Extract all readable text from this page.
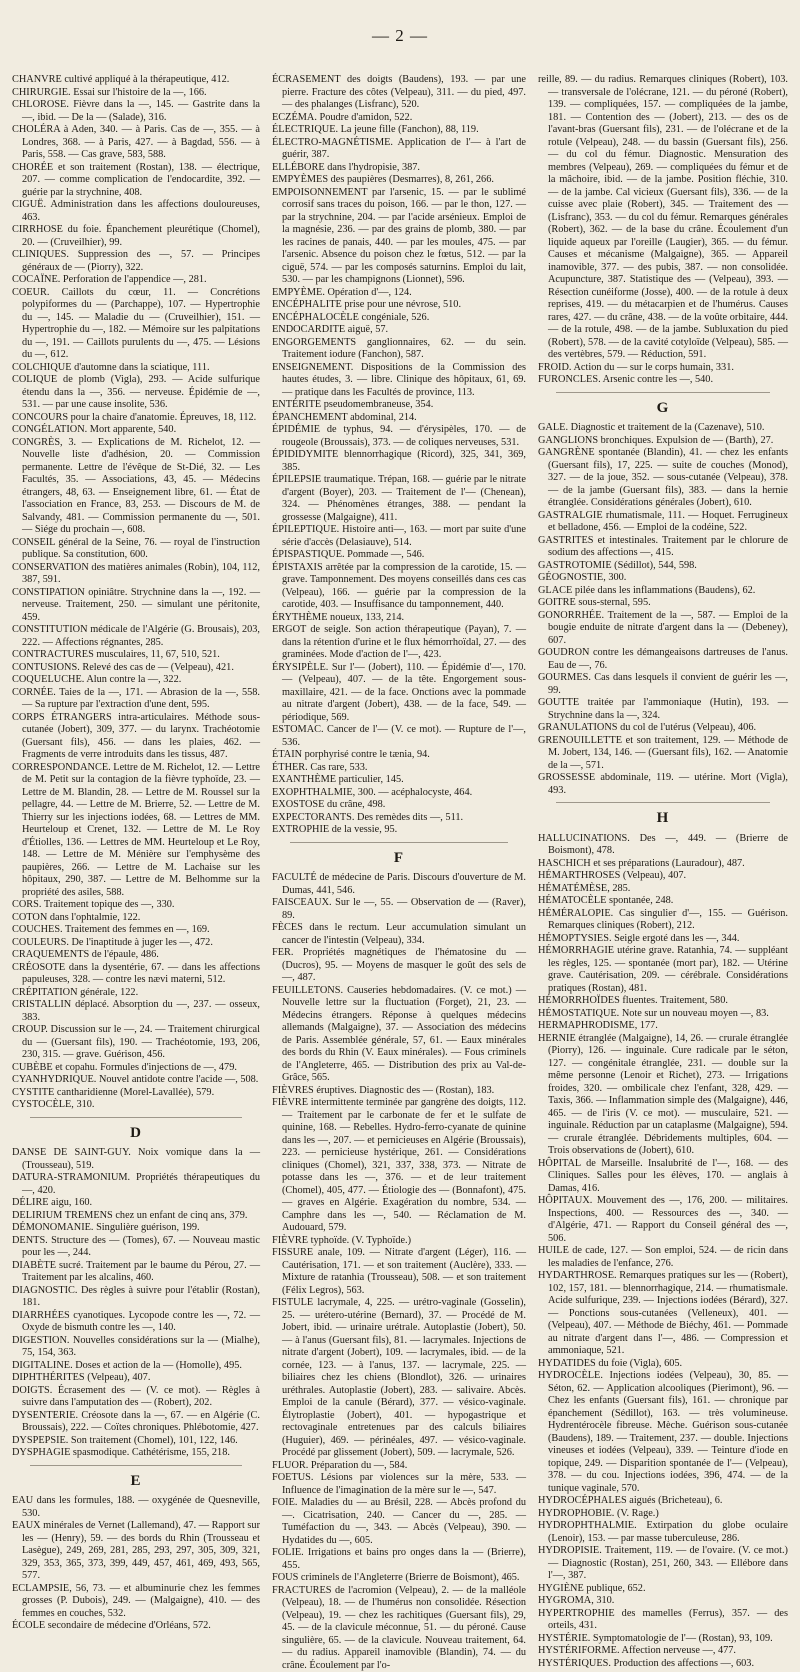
— 2 —
CHANVRE cultivé appliqué à la thérapeutique, 412.
CHIRURGIE. Essai sur l'histoire de la —, 166.
CHLOROSE. Fièvre dans la —, 145. — Gastrite dans la —, ibid. — De la — (Salade), 316.
CHOLÉRA à Aden, 340. — à Paris. Cas de —, 355. — à Londres, 368. — à Paris, 427. — à Bagdad, 556. — à Paris, 558. — Cas grave, 583, 588.
CHORÉE et son traitement (Rostan), 138. — électrique, 207. — comme complication de l'endocardite, 392. — guérie par la strychnine, 408.
CIGUË. Administration dans les affections douloureuses, 463.
CIRRHOSE du foie. Épanchement pleurétique (Chomel), 20. — (Cruveilhier), 99.
CLINIQUES. Suppression des —, 57. — Principes généraux de — (Piorry), 322.
COCAÏNE. Perforation de l'appendice —, 281.
COEUR. Caillots du cœur, 11. — Concrétions polypiformes du — (Parchappe), 107. — Hypertrophie du —, 145. — Maladie du — (Cruveilhier), 151. — Hypertrophie du —, 182. — Mémoire sur les palpitations du —, 191. — Caillots purulents du —, 475. — Lésions du —, 612.
COLCHIQUE d'automne dans la sciatique, 111.
COLIQUE de plomb (Vigla), 293. — Acide sulfurique étendu dans la —, 356. — nerveuse. Épidémie de —, 531. — par une cause insolite, 536.
CONCOURS pour la chaire d'anatomie. Épreuves, 18, 112.
CONGÉLATION. Mort apparente, 540.
CONGRÈS, 3. — Explications de M. Richelot, 12. — Nouvelle liste d'adhésion, 20. — Commission permanente. Lettre de l'évêque de St-Dié, 32. — Les Facultés, 35. — Associations, 43, 45. — Médecins étrangers, 48, 63. — Enseignement libre, 61. — État de l'association en France, 83, 253. — Discours de M. de Salvandy, 481. — Commission permanente du —, 501. — Siége du prochain —, 608.
CONSEIL général de la Seine, 76. — royal de l'instruction publique. Sa constitution, 600.
CONSERVATION des matières animales (Robin), 104, 112, 387, 591.
CONSTIPATION opiniâtre. Strychnine dans la —, 192. — nerveuse. Traitement, 250. — simulant une péritonite, 459.
CONSTITUTION médicale de l'Algérie (G. Brousais), 203, 222. — Affections régnantes, 285.
CONTRACTURES musculaires, 11, 67, 510, 521.
CONTUSIONS. Relevé des cas de — (Velpeau), 421.
COQUELUCHE. Alun contre la —, 322.
CORNÉE. Taies de la —, 171. — Abrasion de la —, 558. — Sa rupture par l'extraction d'une dent, 595.
CORPS ÉTRANGERS intra-articulaires. Méthode sous-cutanée (Jobert), 309, 377. — du larynx. Trachéotomie (Guersant fils), 456. — dans les plaies, 462. — Fragments de verre introduits dans les tissus, 487.
CORRESPONDANCE. Lettre de M. Richelot, 12. — Lettre de M. Petit sur la contagion de la fièvre typhoïde, 23. — Lettre de M. Blandin, 28. — Lettre de M. Roussel sur la pellagre, 44. — Lettre de M. Brierre, 52. — Lettre de M. Thierry sur les injections iodées, 68. — Lettres de MM. Heurteloup et Crenet, 132. — Lettre de M. Le Roy d'Étiolles, 136. — Lettres de MM. Heurteloup et Le Roy, 148. — Lettre de M. Ménière sur l'emphysème des paupières, 266. — Lettre de M. Lachaise sur les hôpitaux, 290, 387. — Lettre de M. Belhomme sur la propriété des asiles, 588.
CORS. Traitement topique des —, 330.
COTON dans l'ophtalmie, 122.
COUCHES. Traitement des femmes en —, 169.
COULEURS. De l'inaptitude à juger les —, 472.
CRAQUEMENTS de l'épaule, 486.
CRÉOSOTE dans la dysentérie, 67. — dans les affections papuleuses, 328. — contre les nævi materni, 512.
CRÉPITATION générale, 122.
CRISTALLIN déplacé. Absorption du —, 237. — osseux, 383.
CROUP. Discussion sur le —, 24. — Traitement chirurgical du — (Guersant fils), 190. — Trachéotomie, 193, 206, 230, 315. — grave. Guérison, 456.
CUBÈBE et copahu. Formules d'injections de —, 479.
CYANHYDRIQUE. Nouvel antidote contre l'acide —, 508.
CYSTITE cantharidienne (Morel-Lavallée), 579.
CYSTOCÈLE, 310.
D
DANSE DE SAINT-GUY. Noix vomique dans la — (Trousseau), 519.
DATURA-STRAMONIUM. Propriétés thérapeutiques du —, 420.
DÉLIRE aigu, 160.
DELIRIUM TREMENS chez un enfant de cinq ans, 379.
DÉMONOMANIE. Singulière guérison, 199.
DENTS. Structure des — (Tomes), 67. — Nouveau mastic pour les —, 244.
DIABÈTE sucré. Traitement par le baume du Pérou, 27. — Traitement par les alcalins, 460.
DIAGNOSTIC. Des règles à suivre pour l'établir (Rostan), 181.
DIARRHÉES cyanotiques. Lycopode contre les —, 72. — Oxyde de bismuth contre les —, 140.
DIGESTION. Nouvelles considérations sur la — (Mialhe), 75, 154, 363.
DIGITALINE. Doses et action de la — (Homolle), 495.
DIPHTHÉRITES (Velpeau), 407.
DOIGTS. Écrasement des — (V. ce mot). — Règles à suivre dans l'amputation des — (Robert), 202.
DYSENTERIE. Créosote dans la —, 67. — en Algérie (C. Broussais), 222. — Coïtes chroniques. Phlébotomie, 427.
DYSPEPSIE. Son traitement (Chomel), 101, 122, 146.
DYSPHAGIE spasmodique. Cathétérisme, 155, 218.
E
EAU dans les formules, 188. — oxygénée de Quesneville, 530.
EAUX minérales de Vernet (Lallemand), 47. — Rapport sur les — (Henry), 59. — des bords du Rhin (Trousseau et Lasègue), 249, 269, 281, 285, 293, 297, 305, 309, 321, 329, 353, 365, 373, 399, 449, 457, 461, 469, 493, 565, 577.
ECLAMPSIE, 56, 73. — et albuminurie chez les femmes grosses (P. Dubois), 249. — (Malgaigne), 410. — des femmes en couches, 532.
ÉCOLE secondaire de médecine d'Orléans, 572.
ÉCRASEMENT des doigts (Baudens), 193. — par une pierre. Fracture des côtes (Velpeau), 311. — du pied, 497. — des phalanges (Lisfranc), 520.
ECZÉMA. Poudre d'amidon, 522.
ÉLECTRIQUE. La jeune fille (Fanchon), 88, 119.
ÉLECTRO-MAGNÉTISME. Application de l'— à l'art de guérir, 387.
ELLÉBORE dans l'hydropisie, 387.
EMPYÈMES des paupières (Desmarres), 8, 261, 266.
EMPOISONNEMENT par l'arsenic, 15. — par le sublimé corrosif sans traces du poison, 166. — par le thon, 127. — par la strychnine, 204. — par l'acide arsénieux. Emploi de la magnésie, 236. — par des grains de plomb, 380. — par les racines de panais, 440. — par les moules, 475. — par l'arsenic. Absence du poison chez le fœtus, 512. — par la ciguë, 574. — par les composés saturnins. Emploi du lait, 530. — par les champignons (Lionnet), 596.
EMPYÈME. Opération d'—, 124.
ENCÉPHALITE prise pour une névrose, 510.
ENCÉPHALOCÈLE congéniale, 526.
ENDOCARDITE aiguë, 57.
ENGORGEMENTS ganglionnaires, 62. — du sein. Traitement iodure (Fanchon), 587.
ENSEIGNEMENT. Dispositions de la Commission des hautes études, 3. — libre. Clinique des hôpitaux, 61, 69. — pratique dans les Facultés de province, 113.
ENTÉRITE pseudomembraneuse, 354.
ÉPANCHEMENT abdominal, 214.
ÉPIDÉMIE de typhus, 94. — d'érysipèles, 170. — de rougeole (Broussais), 373. — de coliques nerveuses, 531.
ÉPIDIDYMITE blennorrhagique (Ricord), 325, 341, 369, 385.
ÉPILEPSIE traumatique. Trépan, 168. — guérie par le nitrate d'argent (Boyer), 203. — Traitement de l'— (Chenean), 324. — Phénomènes étranges, 388. — pendant la grossesse (Malgaigne), 411.
ÉPILEPTIQUE. Histoire anti—, 163. — mort par suite d'une série d'accès (Delasiauve), 514.
ÉPISPASTIQUE. Pommade —, 546.
ÉPISTAXIS arrêtée par la compression de la carotide, 15. — grave. Tamponnement. Des moyens conseillés dans ces cas (Velpeau), 166. — guérie par la compression de la carotide, 403. — Insuffisance du tamponnement, 440.
ÉRYTHÈME noueux, 133, 214.
ERGOT de seigle. Son action thérapeutique (Payan), 7. — dans la rétention d'urine et le flux hémorrhoïdal, 27. — des graminées. Mode d'action de l'—, 423.
ÉRYSIPÈLE. Sur l'— (Jobert), 110. — Épidémie d'—, 170. — (Velpeau), 407. — de la tête. Engorgement sous-maxillaire, 421. — de la face. Onctions avec la pommade au nitrate d'argent (Jobert), 438. — de la face, 549. — périodique, 569.
ESTOMAC. Cancer de l'— (V. ce mot). — Rupture de l'—, 536.
ÉTAIN porphyrisé contre le tænia, 94.
ÉTHER. Cas rare, 533.
EXANTHÈME particulier, 145.
EXOPHTHALMIE, 300. — acéphalocyste, 464.
EXOSTOSE du crâne, 498.
EXPECTORANTS. Des remèdes dits —, 511.
EXTROPHIE de la vessie, 95.
F
FACULTÉ de médecine de Paris. Discours d'ouverture de M. Dumas, 441, 546.
FAISCEAUX. Sur le —, 55. — Observation de — (Raver), 89.
FÈCES dans le rectum. Leur accumulation simulant un cancer de l'intestin (Velpeau), 334.
FER. Propriétés magnétiques de l'hématosine du — (Ducros), 95. — Moyens de masquer le goût des sels de —, 487.
FEUILLETONS. Causeries hebdomadaires. (V. ce mot.) — Nouvelle lettre sur la fluctuation (Forget), 21, 23. — Médecins étrangers. Réponse à quelques médecins allemands (Malgaigne), 37. — Association des médecins de Paris. Assemblée générale, 57, 61. — Eaux minérales des bords du Rhin (V. Eaux minérales). — Fous criminels de l'Angleterre, 465. — Distribution des prix au Val-de-Grâce, 565.
FIÈVRES éruptives. Diagnostic des — (Rostan), 183.
FIÈVRE intermittente terminée par gangrène des doigts, 112. — Traitement par le carbonate de fer et le sulfate de quinine, 168. — Rebelles. Hydro-ferro-cyanate de quinine dans les —, 207. — et pernicieuses en Algérie (Broussais), 223. — pernicieuse hystérique, 261. — Considérations cliniques (Chomel), 321, 337, 338, 373. — Nitrate de potasse dans les —, 376. — et de leur traitement (Chomel), 405, 477. — Étiologie des — (Bonnafont), 475. — graves en Algérie. Exagération du nombre, 534. — Camphre dans les —, 540. — Réclamation de M. Audouard, 579.
FIÈVRE typhoïde. (V. Typhoïde.)
FISSURE anale, 109. — Nitrate d'argent (Léger), 116. — Cautérisation, 171. — et son traitement (Auclère), 333. — Mixture de ratanhia (Trousseau), 508. — et son traitement (Félix Legros), 563.
FISTULE lacrymale, 4, 225. — urétro-vaginale (Gosselin), 25. — urétero-utérine (Bernard), 37. — Procédé de M. Jobert, ibid. — urinaire urétrale. Autoplastie (Jobert), 50. — à l'anus (Guersant fils), 81. — lacrymales. Injections de nitrate d'argent (Jobert), 109. — lacrymales, ibid. — de la cornée, 123. — à l'anus, 137. — lacrymale, 225. — biliaires chez les chiens (Blondlot), 326. — urinaires uréthrales. Autoplastie (Jobert), 283. — salivaire. Abcès. Emploi de la canule (Bérard), 377. — vésico-vaginale. Élytroplastie (Jobert), 401. — hypogastrique et rectovaginale entretenues par des calculs biliaires (Huguier), 469. — périnéales, 497. — vésico-vaginale. Procédé par glissement (Jobert), 509. — lacrymale, 526.
FLUOR. Préparation du —, 584.
FOETUS. Lésions par violences sur la mère, 533. — Influence de l'imagination de la mère sur le —, 547.
FOIE. Maladies du — au Brésil, 228. — Abcès profond du —. Cicatrisation, 240. — Cancer du —, 285. — Tuméfaction du —, 343. — Abcès (Velpeau), 390. — Hydatides du —, 605.
FOLIE. Irrigations et bains pro onges dans la — (Brierre), 455.
FOUS criminels de l'Angleterre (Brierre de Boismont), 465.
FRACTURES de l'acromion (Velpeau), 2. — de la malléole (Velpeau), 18. — de l'humérus non consolidée. Résection (Velpeau), 19. — chez les rachitiques (Guersant fils), 29, 45. — de la clavicule méconnue, 51. — du péroné. Cause singulière, 65. — de la clavicule. Nouveau traitement, 64. — du radius. Appareil inamovible (Blandin), 74. — du crâne. Écoulement par l'o-
reille, 89. — du radius. Remarques cliniques (Robert), 103. — transversale de l'olécrane, 121. — du péroné (Robert), 139. — compliquées, 157. — compliquées de la jambe, 181. — Contention des — (Jobert), 213. — des os de l'avant-bras (Guersant fils), 231. — de l'olécrane et de la rotule (Velpeau), 248. — du bassin (Guersant fils), 256. — du col du fémur. Diagnostic. Mensuration des membres (Velpeau), 269. — compliquées du fémur et de la mâchoire, ibid. — de la jambe. Position fléchie, 310. — de la jambe. Cal vicieux (Guersant fils), 336. — de la cuisse avec plaie (Robert), 345. — Traitement des — (Lisfranc), 353. — du col du fémur. Remarques générales (Robert), 362. — de la base du crâne. Écoulement d'un liquide aqueux par l'oreille (Laugier), 365. — du fémur. Causes et mécanisme (Malgaigne), 365. — Appareil inamovible, 377. — des pubis, 387. — non consolidée. Acupuncture, 387. Statistique des — (Velpeau), 393. — Résection cunéiforme (Josse), 400. — de la rotule à deux reprises, 419. — du métacarpien et de l'humérus. Causes rares, 427. — du crâne, 438. — de la voûte orbitaire, 444. — de la rotule, 498. — de la jambe. Subluxation du pied (Robert), 578. — de la cavité cotyloïde (Velpeau), 585. — des vertèbres, 579. — Réduction, 591.
FROID. Action du — sur le corps humain, 331.
FURONCLES. Arsenic contre les —, 540.
G
GALE. Diagnostic et traitement de la (Cazenave), 510.
GANGLIONS bronchiques. Expulsion de — (Barth), 27.
GANGRÈNE spontanée (Blandin), 41. — chez les enfants (Guersant fils), 17, 225. — suite de couches (Monod), 327. — de la joue, 352. — sous-cutanée (Velpeau), 378. — de la jambe (Guersant fils), 383. — dans la hernie étranglée. Considérations générales (Jobert), 610.
GASTRALGIE rhumatismale, 111. — Hoquet. Ferrugineux et belladone, 456. — Emploi de la codéine, 522.
GASTRITES et intestinales. Traitement par le chlorure de sodium des affections —, 415.
GASTROTOMIE (Sédillot), 544, 598.
GÉOGNOSTIE, 300.
GLACE pilée dans les inflammations (Baudens), 62.
GOITRE sous-sternal, 595.
GONORRHÉE. Traitement de la —, 587. — Emploi de la bougie enduite de nitrate d'argent dans la — (Debeney), 607.
GOUDRON contre les démangeaisons dartreuses de l'anus. Eau de —, 76.
GOURMES. Cas dans lesquels il convient de guérir les —, 99.
GOUTTE traitée par l'ammoniaque (Hutin), 193. — Strychnine dans la —, 324.
GRANULATIONS du col de l'utérus (Velpeau), 406.
GRENOUILLETTE et son traitement, 129. — Méthode de M. Jobert, 134, 146. — (Guersant fils), 162. — Anatomie de la —, 571.
GROSSESSE abdominale, 119. — utérine. Mort (Vigla), 493.
H
HALLUCINATIONS. Des —, 449. — (Brierre de Boismont), 478.
HASCHICH et ses préparations (Lauradour), 487.
HÉMARTHROSES (Velpeau), 407.
HÉMATÉMÈSE, 285.
HÉMATOCÈLE spontanée, 248.
HÉMÉRALOPIE. Cas singulier d'—, 155. — Guérison. Remarques cliniques (Robert), 212.
HÉMOPTYSIES. Seigle ergoté dans les —, 344.
HÉMORRHAGIE utérine grave. Ratanhia, 74. — suppléant les règles, 125. — spontanée (mort par), 182. — Utérine grave. Cautérisation, 209. — cérébrale. Considérations pratiques (Rostan), 481.
HÉMORRHOÏDES fluentes. Traitement, 580.
HÉMOSTATIQUE. Note sur un nouveau moyen —, 83.
HERMAPHRODISME, 177.
HERNIE étranglée (Malgaigne), 14, 26. — crurale étranglée (Piorry), 126. — inguinale. Cure radicale par le séton, 127. — congénitale étranglée, 231. — double sur la même personne (Lenoir et Richet), 273. — Irrigations froides, 320. — ombilicale chez l'enfant, 328, 429. — Taxis, 366. — Inflammation simple des (Malgaigne), 446, 465. — de l'iris (V. ce mot). — musculaire, 521. — inguinale. Réduction par un cataplasme (Malgaigne), 594. — crurale étranglée. Débridements multiples, 604. — Trois observations de (Jobert), 610.
HÔPITAL de Marseille. Insalubrité de l'—, 168. — des Cliniques. Salles pour les élèves, 170. — anglais à Damas, 416.
HÔPITAUX. Mouvement des —, 176, 200. — militaires. Inspections, 400. — Ressources des —, 340. — d'Algérie, 471. — Rapport du Conseil général des —, 506.
HUILE de cade, 127. — Son emploi, 524. — de ricin dans les maladies de l'enfance, 276.
HYDARTHROSE. Remarques pratiques sur les — (Robert), 102, 157, 181. — blennorrhagique, 214. — rhumatismale. Acide sulfurique, 239. — Injections iodées (Bérard), 327. — Ponctions sous-cutanées (Velleneux), 401. — (Velpeau), 407. — Méthode de Biéchy, 461. — Pommade au nitrate d'argent dans l'—, 486. — Compression et ammoniaque, 521.
HYDATIDES du foie (Vigla), 605.
HYDROCÈLE. Injections iodées (Velpeau), 30, 85. — Séton, 62. — Application alcooliques (Pierimont), 96. — Chez les enfants (Guersant fils), 161. — chronique par épanchement (Sédillot), 163. — très volumineuse. Hydrentérocèle fibreuse. Mèche. Guérison sous-cutanée (Baudens), 189. — Traitement, 237. — double. Injections vineuses et iodées (Velpeau), 339. — Teinture d'iode en topique, 249. — Disparition spontanée de l'— (Velpeau), 378. — du cou. Injections iodées, 396, 474. — de la tunique vaginale, 570.
HYDROCÉPHALES aigués (Bricheteau), 6.
HYDROPHOBIE. (V. Rage.)
HYDROPHTHALMIE. Extirpation du globe oculaire (Lenoir), 153. — par masse tuberculeuse, 286.
HYDROPISIE. Traitement, 119. — de l'ovaire. (V. ce mot.) — Diagnostic (Rostan), 251, 260, 343. — Ellébore dans l'—, 387.
HYGIÈNE publique, 652.
HYGROMA, 310.
HYPERTROPHIE des mamelles (Ferrus), 357. — des orteils, 431.
HYSTÉRIE. Symptomatologie de l'— (Rostan), 93, 109.
HYSTÉRIFORME. Affection nerveuse —, 477.
HYSTÉRIQUES. Production des affections —, 603.
